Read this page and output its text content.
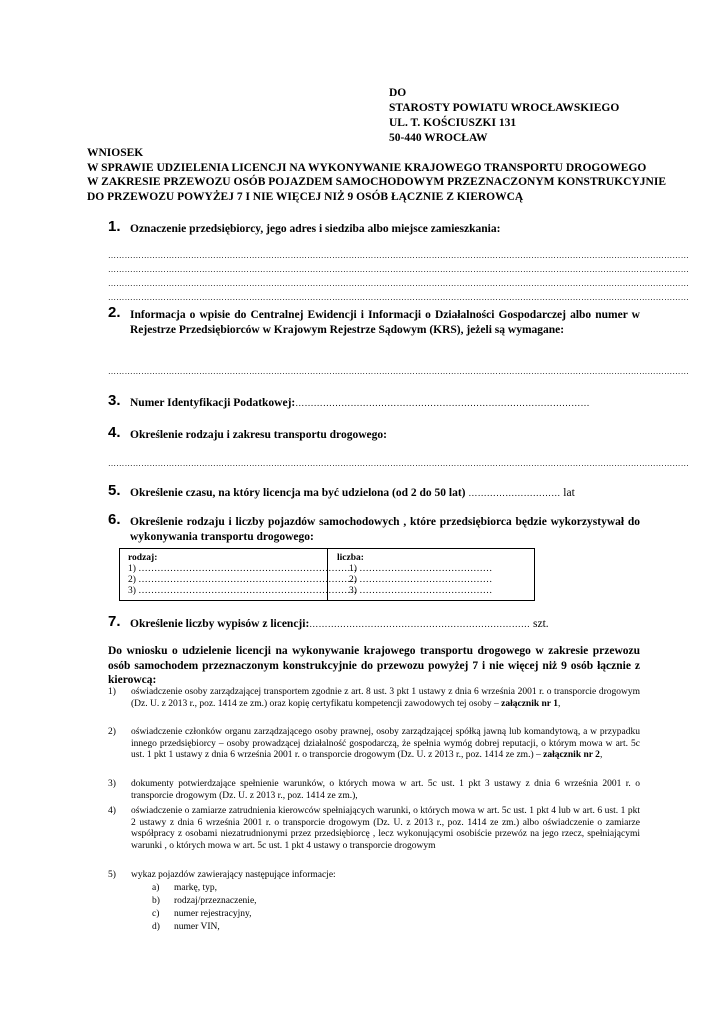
DO
STAROSTY POWIATU WROCŁAWSKIEGO
UL. T. KOŚCIUSZKI 131
50-440 WROCŁAW
WNIOSEK
W SPRAWIE UDZIELENIA LICENCJI NA WYKONYWANIE KRAJOWEGO TRANSPORTU DROGOWEGO
W ZAKRESIE PRZEWOZU OSÓB POJAZDEM SAMOCHODOWYM PRZEZNACZONYM KONSTRUKCYJNIE
DO PRZEWOZU POWYŻEJ 7 I NIE WIĘCEJ NIŻ 9 OSÓB ŁĄCZNIE Z KIEROWCĄ
1. Oznaczenie przedsiębiorcy, jego adres i siedziba albo miejsce zamieszkania:
…………………………………………………………………………………………………………………………………………………………………………………………
…………………………………………………………………………………………………………………………………………………………………………………………
…………………………………………………………………………………………………………………………………………………………………………………………
…………………………………………………………………………………………………………………………………………………………………………………………
2. Informacja o wpisie do Centralnej Ewidencji i Informacji o Działalności Gospodarczej albo numer w Rejestrze Przedsiębiorców w Krajowym Rejestrze Sądowym (KRS), jeżeli są wymagane:
…………………………………………………………………………………………………………………………………………………………………………………………
3. Numer Identyfikacji Podatkowej:……………………………………………………………………………………
4. Określenie rodzaju i zakresu transportu drogowego:
…………………………………………………………………………………………………………………………………………………………………………………………
5. Określenie czasu, na który licencja ma być udzielona (od 2 do 50 lat) ………………………… lat
6. Określenie rodzaju i liczby pojazdów samochodowych , które przedsiębiorca będzie wykorzystywał do wykonywania transportu drogowego:
rodzaj:
1) ……………………………………………………………
2) ……………………………………………………………
3) ……………………………………………………………
liczba:
1) ……………………………………
2) ……………………………………
3) ……………………………………
7. Określenie liczby wypisów z licencji:……………………………………………………………… szt.
Do wniosku o udzielenie licencji na wykonywanie krajowego transportu drogowego w zakresie przewozu osób samochodem przeznaczonym konstrukcyjnie do przewozu powyżej 7 i nie więcej niż 9 osób łącznie z kierowcą:
1) oświadczenie osoby zarządzającej transportem zgodnie z art. 8 ust. 3 pkt 1 ustawy z dnia 6 września 2001 r. o transporcie drogowym (Dz. U. z 2013 r., poz. 1414 ze zm.) oraz kopię certyfikatu kompetencji zawodowych tej osoby – załącznik nr 1,
2) oświadczenie członków organu zarządzającego osoby prawnej, osoby zarządzającej spółką jawną lub komandytową, a w przypadku innego przedsiębiorcy – osoby prowadzącej działalność gospodarczą, że spełnia wymóg dobrej reputacji, o którym mowa w art. 5c ust. 1 pkt 1 ustawy z dnia 6 września 2001 r. o transporcie drogowym (Dz. U. z 2013 r., poz. 1414 ze zm.) – załącznik nr 2,
3) dokumenty potwierdzające spełnienie warunków, o których mowa w art. 5c ust. 1 pkt 3 ustawy z dnia 6 września 2001 r. o transporcie drogowym (Dz. U. z 2013 r., poz. 1414 ze zm.),
4) oświadczenie o zamiarze zatrudnienia kierowców spełniających warunki, o których mowa w art. 5c ust. 1 pkt 4 lub w art. 6 ust. 1 pkt 2 ustawy z dnia 6 września 2001 r. o transporcie drogowym (Dz. U. z 2013 r., poz. 1414 ze zm.) albo oświadczenie o zamiarze współpracy z osobami niezatrudnionymi przez przedsiębiorcę , lecz wykonującymi osobiście przewóz na jego rzecz, spełniającymi warunki , o których mowa w art. 5c ust. 1 pkt 4 ustawy o transporcie drogowym
5) wykaz pojazdów zawierający następujące informacje:
a) markę, typ,
b) rodzaj/przeznaczenie,
c) numer rejestracyjny,
d) numer VIN,
